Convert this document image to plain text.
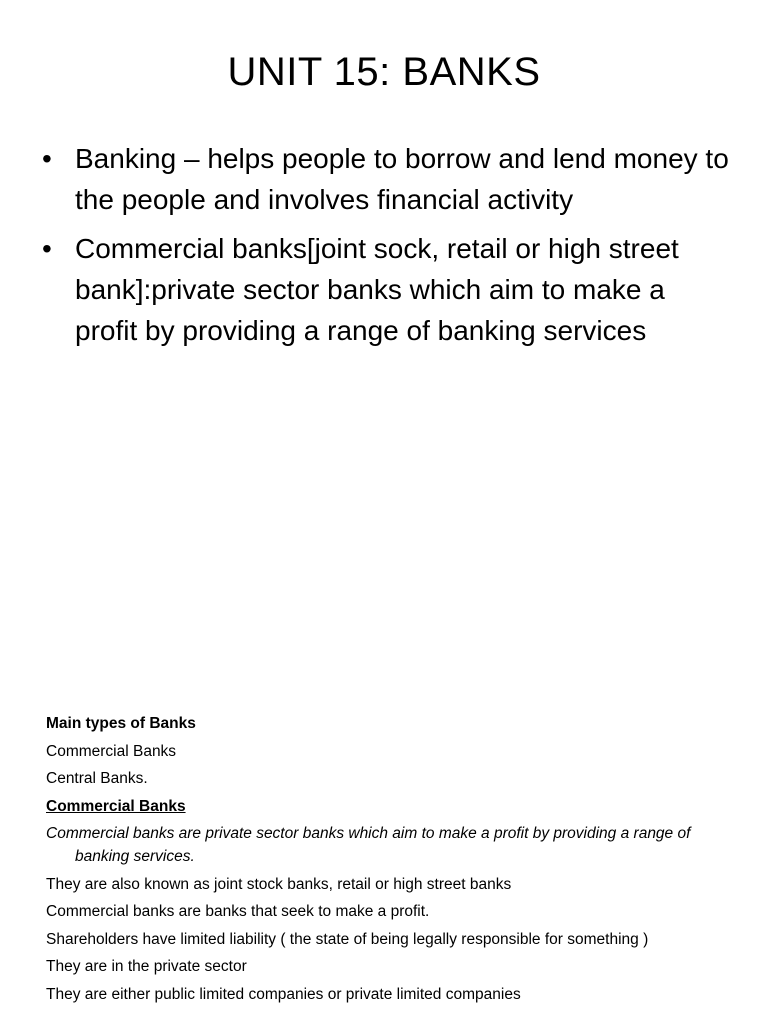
UNIT 15: BANKS
• Banking – helps people to borrow and lend money to the people and involves financial activity
• Commercial banks[joint sock, retail or high street bank]:private sector banks which aim to make a profit by providing a range of banking services
Main types of Banks
Commercial Banks
Central Banks.
Commercial Banks
Commercial banks are private sector banks which aim to make a profit by providing a range of banking services.
They are also known as joint stock banks, retail or high street banks
Commercial banks are banks that seek to make a profit.
Shareholders have limited liability ( the state of being legally responsible for something )
They are in the private sector
They are either public limited companies or private limited companies
